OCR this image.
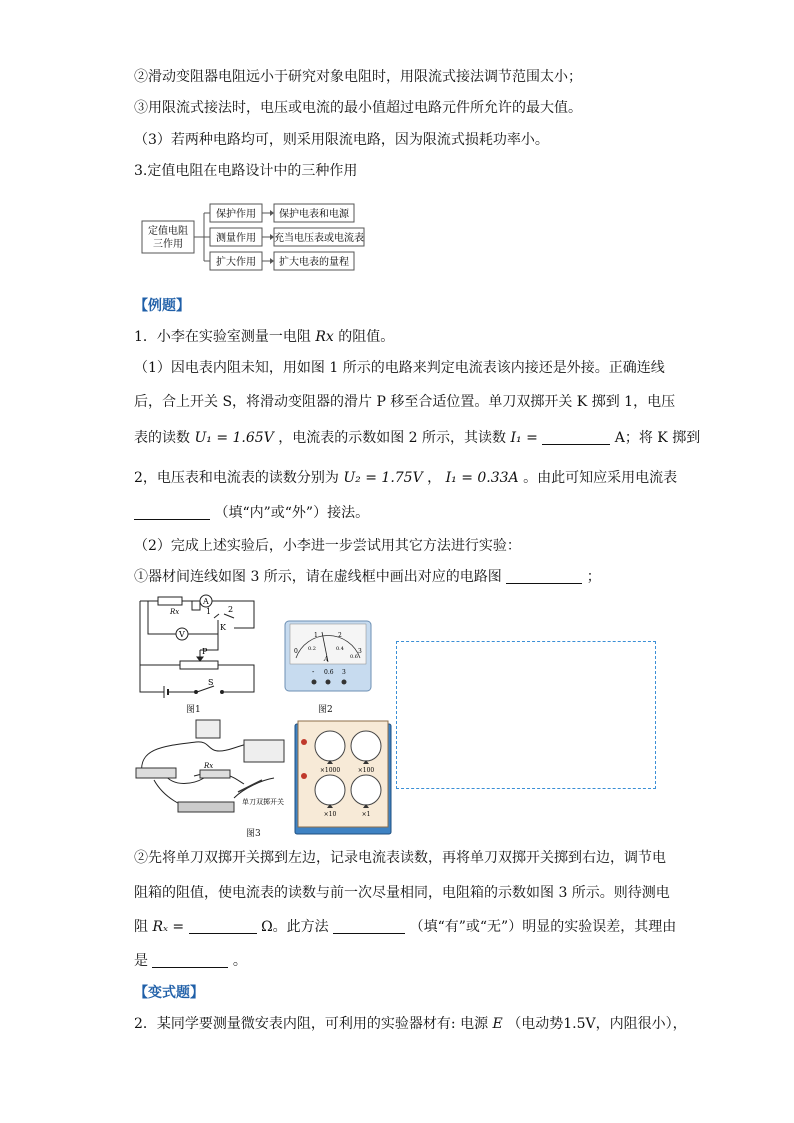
②滑动变阻器电阻远小于研究对象电阻时，用限流式接法调节范围太小；
③用限流式接法时，电压或电流的最小值超过电路元件所允许的最大值。
（3）若两种电路均可，则采用限流电路，因为限流式损耗功率小。
3.定值电阻在电路设计中的三种作用
定值电阻
三作用
保护作用
测量作用
扩大作用
保护电表和电源
充当电压表或电流表
扩大电表的量程
【例题】
1．小李在实验室测量一电阻 Rx 的阻值。
（1）因电表内阻未知，用如图 1 所示的电路来判定电流表该内接还是外接。正确连线
后，合上开关 S，将滑动变阻器的滑片 P 移至合适位置。单刀双掷开关 K 掷到 1，电压
表的读数 U₁ = 1.65V ，电流表的示数如图 2 所示，其读数 I₁ =	A；将 K 掷到
2，电压表和电流表的读数分别为 U₂ = 1.75V ， I₁ = 0.33A 。由此可知应采用电流表
（填“内”或“外”）接法。
（2）完成上述实验后，小李进一步尝试用其它方法进行实验：
①器材间连线如图 3 所示，请在虚线框中画出对应的电路图	；
Rx
A
V
1 2
K
P
S
图1
0
1	2
3
0.2	0.4
0.6
A
- 0.6 3
图2
Rx
单刀双掷开关
图3
×1000	×100
×10	×1
②先将单刀双掷开关掷到左边，记录电流表读数，再将单刀双掷开关掷到右边，调节电
阻箱的阻值，使电流表的读数与前一次尽量相同，电阻箱的示数如图 3 所示。则待测电
阻 Rₓ =	Ω。此方法	（填“有”或“无”）明显的实验误差，其理由
是	。
【变式题】
2．某同学要测量微安表内阻，可利用的实验器材有: 电源 E （电动势1.5V，内阻很小），
